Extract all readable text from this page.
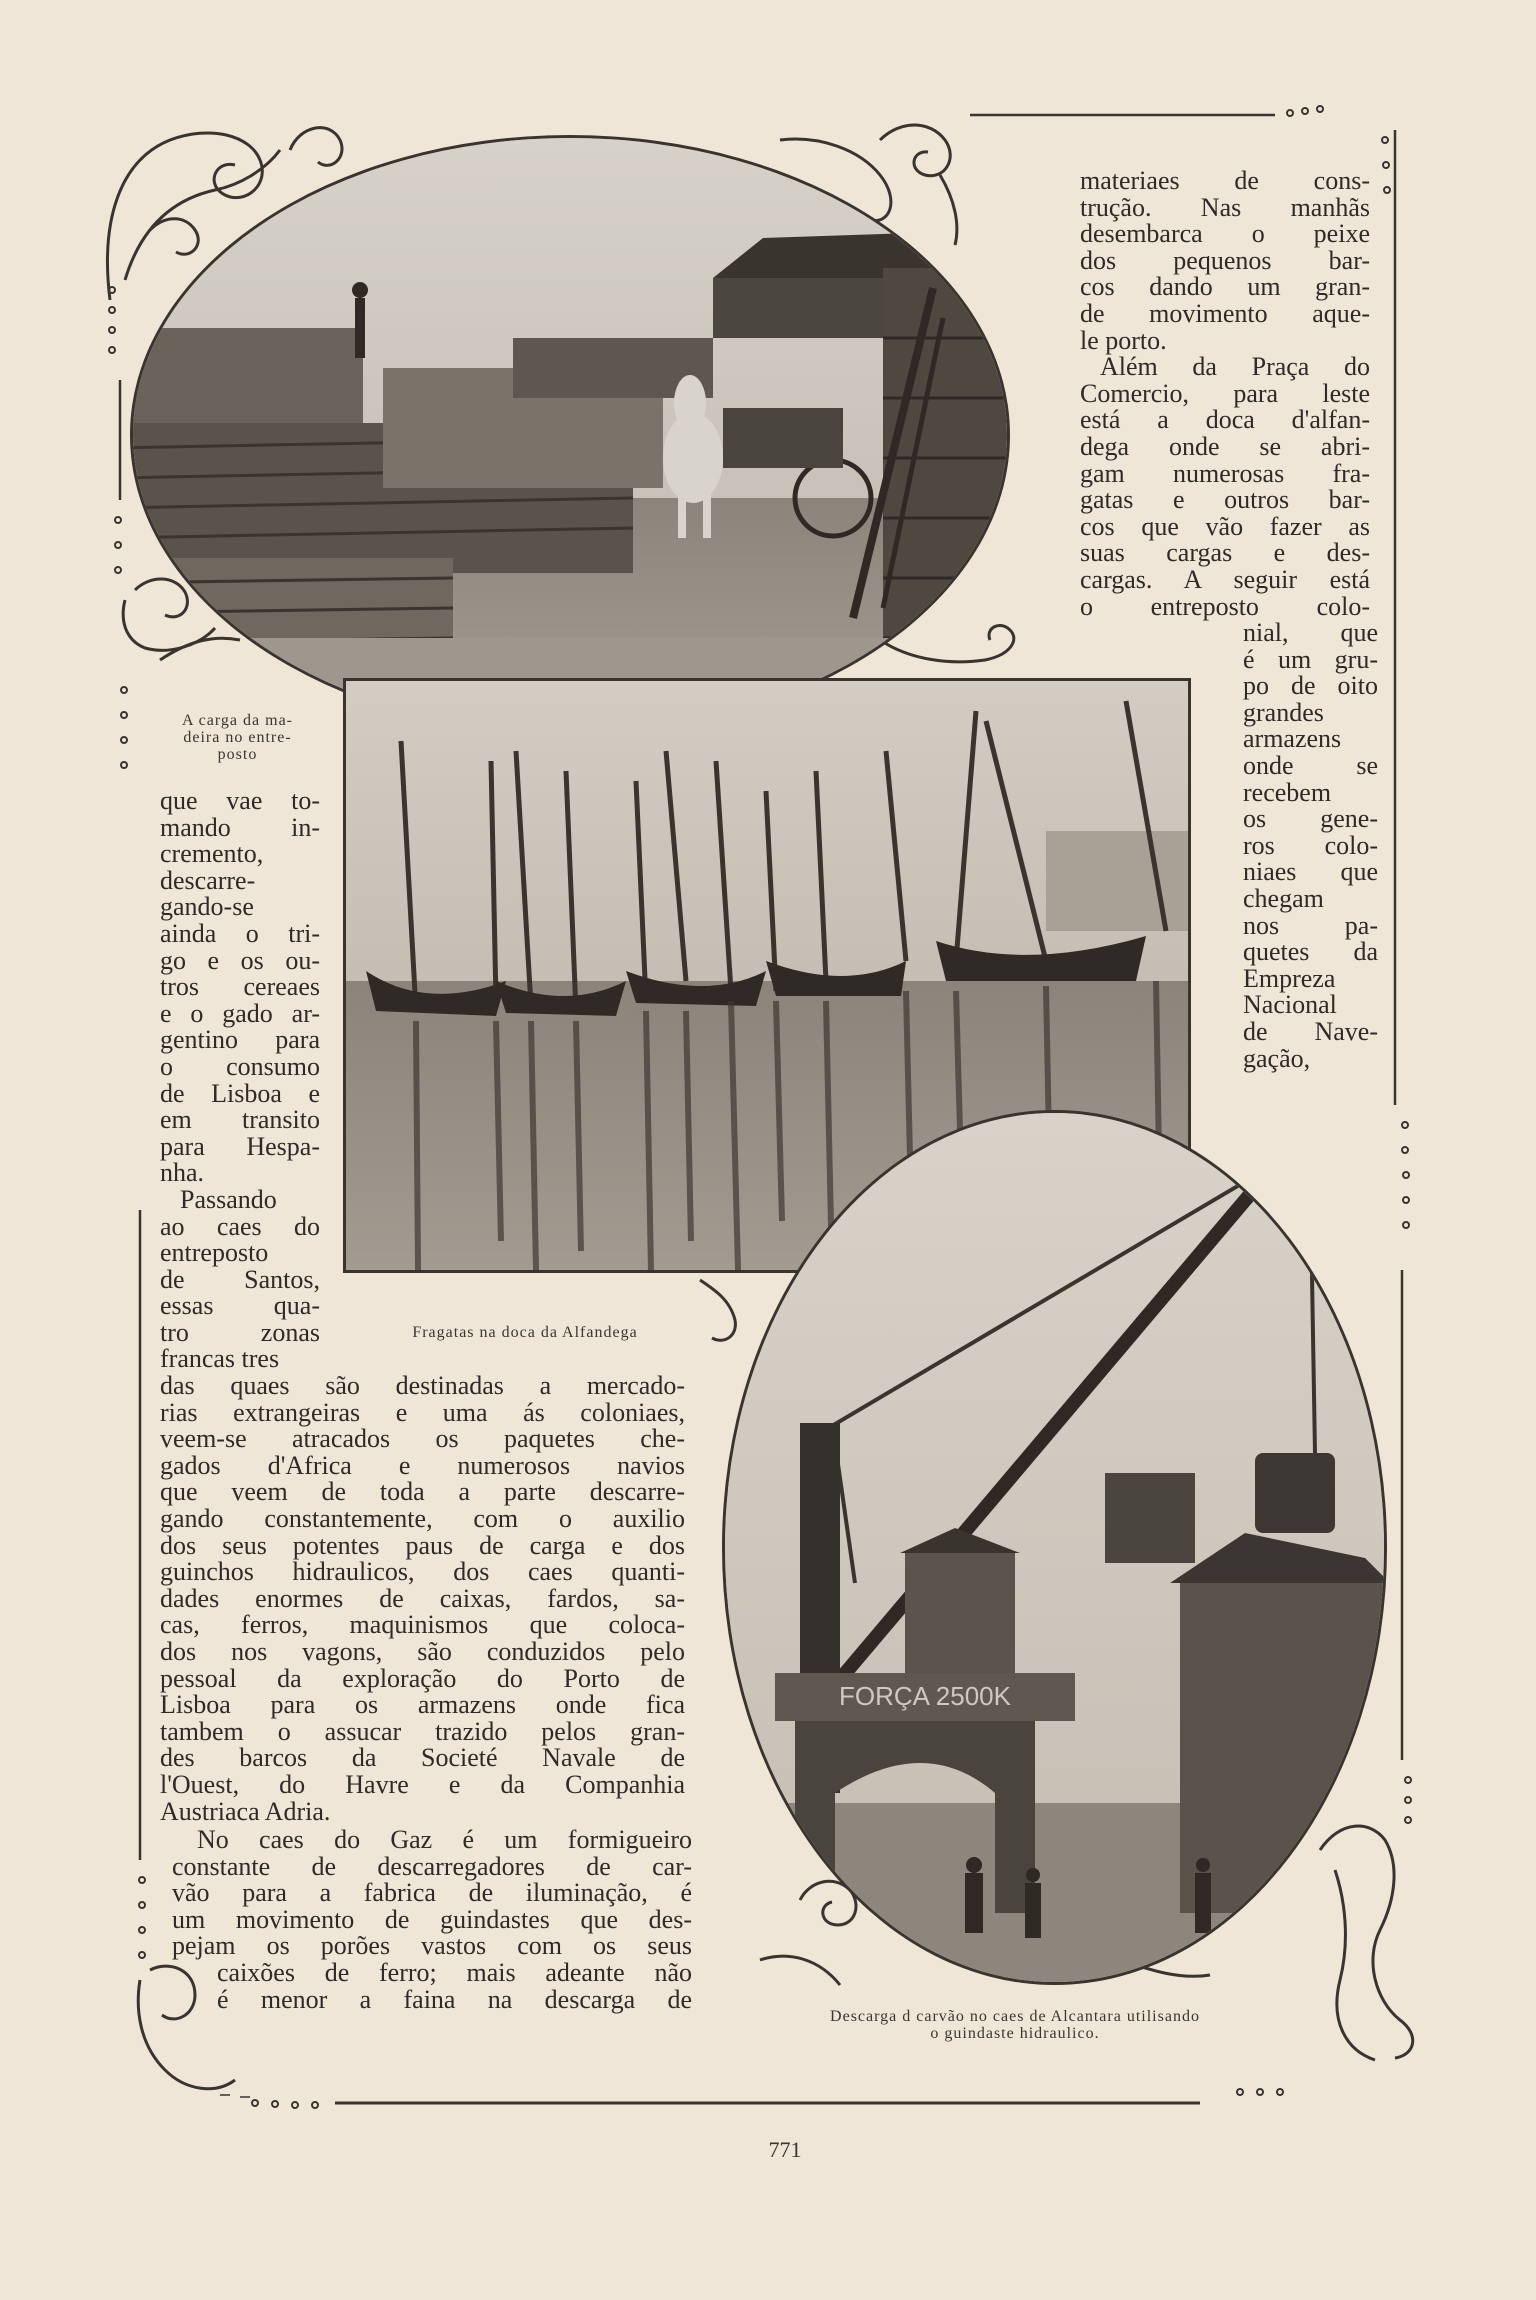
FORÇA 2500K
A carga da ma-
deira no entre-
posto
Fragatas na doca da Alfandega
Descarga d carvão no caes de Alcantara utilisando
o guindaste hidraulico.
materiaes de cons-
trução. Nas manhãs
desembarca o peixe
dos pequenos bar-
cos dando um gran-
de movimento aque-
le porto.
Além da Praça do
Comercio, para leste
está a doca d'alfan-
dega onde se abri-
gam numerosas fra-
gatas e outros bar-
cos que vão fazer as
suas cargas e des-
cargas. A seguir está
o entreposto colo-
nial, que
é um gru-
po de oito
grandes
armazens
onde se
recebem
os gene-
ros colo-
niaes que
chegam
nos pa-
quetes da
Empreza
Nacional
de Nave-
gação,
que vae to-
mando in-
cremento,
descarre-
gando-se
ainda o tri-
go e os ou-
tros cereaes
e o gado ar-
gentino para
o consumo
de Lisboa e
em transito
para Hespa-
nha.
Passando
ao caes do
entreposto
de Santos,
essas qua-
tro zonas
francas tres
das quaes são destinadas a mercado-
rias extrangeiras e uma ás coloniaes,
veem-se atracados os paquetes che-
gados d'Africa e numerosos navios
que veem de toda a parte descarre-
gando constantemente, com o auxilio
dos seus potentes paus de carga e dos
guinchos hidraulicos, dos caes quanti-
dades enormes de caixas, fardos, sa-
cas, ferros, maquinismos que coloca-
dos nos vagons, são conduzidos pelo
pessoal da exploração do Porto de
Lisboa para os armazens onde fica
tambem o assucar trazido pelos gran-
des barcos da Societé Navale de
l'Ouest, do Havre e da Companhia
Austriaca Adria.
No caes do Gaz é um formigueiro
constante de descarregadores de car-
vão para a fabrica de iluminação, é
um movimento de guindastes que des-
pejam os porões vastos com os seus
caixões de ferro; mais adeante não
é menor a faina na descarga de
771
